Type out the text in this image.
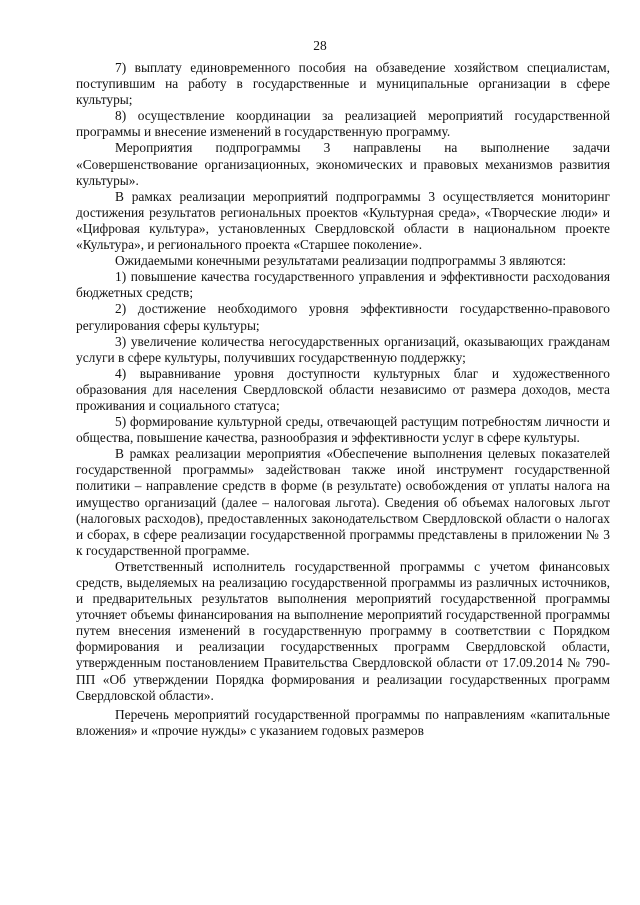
28

7) выплату единовременного пособия на обзаведение хозяйством специалистам, поступившим на работу в государственные и муниципальные организации в сфере культуры;

8) осуществление координации за реализацией мероприятий государственной программы и внесение изменений в государственную программу.

Мероприятия подпрограммы 3 направлены на выполнение задачи «Совершенствование организационных, экономических и правовых механизмов развития культуры».

В рамках реализации мероприятий подпрограммы 3 осуществляется мониторинг достижения результатов региональных проектов «Культурная среда», «Творческие люди» и «Цифровая культура», установленных Свердловской области в национальном проекте «Культура», и регионального проекта «Старшее поколение».

Ожидаемыми конечными результатами реализации подпрограммы 3 являются:

1) повышение качества государственного управления и эффективности расходования бюджетных средств;

2) достижение необходимого уровня эффективности государственно-правового регулирования сферы культуры;

3) увеличение количества негосударственных организаций, оказывающих гражданам услуги в сфере культуры, получивших государственную поддержку;

4) выравнивание уровня доступности культурных благ и художественного образования для населения Свердловской области независимо от размера доходов, места проживания и социального статуса;

5) формирование культурной среды, отвечающей растущим потребностям личности и общества, повышение качества, разнообразия и эффективности услуг в сфере культуры.

В рамках реализации мероприятия «Обеспечение выполнения целевых показателей государственной программы» задействован также иной инструмент государственной политики – направление средств в форме (в результате) освобождения от уплаты налога на имущество организаций (далее – налоговая льгота). Сведения об объемах налоговых льгот (налоговых расходов), предоставленных законодательством Свердловской области о налогах и сборах, в сфере реализации государственной программы представлены в приложении № 3 к государственной программе.

Ответственный исполнитель государственной программы с учетом финансовых средств, выделяемых на реализацию государственной программы из различных источников, и предварительных результатов выполнения мероприятий государственной программы уточняет объемы финансирования на выполнение мероприятий государственной программы путем внесения изменений в государственную программу в соответствии с Порядком формирования и реализации государственных программ Свердловской области, утвержденным постановлением Правительства Свердловской области от 17.09.2014 № 790-ПП «Об утверждении Порядка формирования и реализации государственных программ Свердловской области».

Перечень мероприятий государственной программы по направлениям «капитальные вложения» и «прочие нужды» с указанием годовых размеров
